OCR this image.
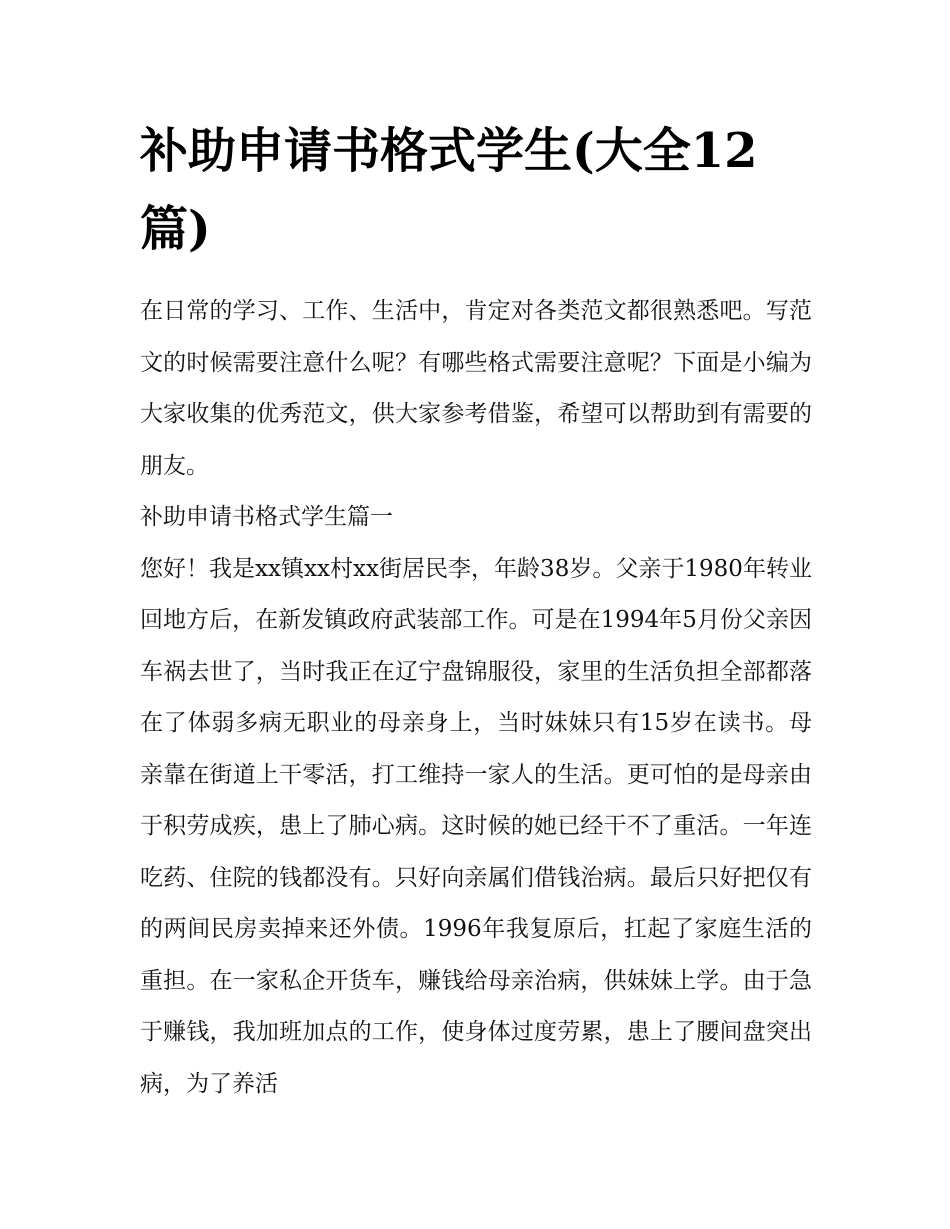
补助申请书格式学生(大全12篇)

在日常的学习、工作、生活中，肯定对各类范文都很熟悉吧。写范文的时候需要注意什么呢？有哪些格式需要注意呢？下面是小编为大家收集的优秀范文，供大家参考借鉴，希望可以帮助到有需要的朋友。

补助申请书格式学生篇一

您好！我是xx镇xx村xx街居民李，年龄38岁。父亲于1980年转业回地方后，在新发镇政府武装部工作。可是在1994年5月份父亲因车祸去世了，当时我正在辽宁盘锦服役，家里的生活负担全部都落在了体弱多病无职业的母亲身上，当时妹妹只有15岁在读书。母亲靠在街道上干零活，打工维持一家人的生活。更可怕的是母亲由于积劳成疾，患上了肺心病。这时候的她已经干不了重活。一年连吃药、住院的钱都没有。只好向亲属们借钱治病。最后只好把仅有的两间民房卖掉来还外债。1996年我复原后，扛起了家庭生活的重担。在一家私企开货车，赚钱给母亲治病，供妹妹上学。由于急于赚钱，我加班加点的工作，使身体过度劳累，患上了腰间盘突出病，为了养活
